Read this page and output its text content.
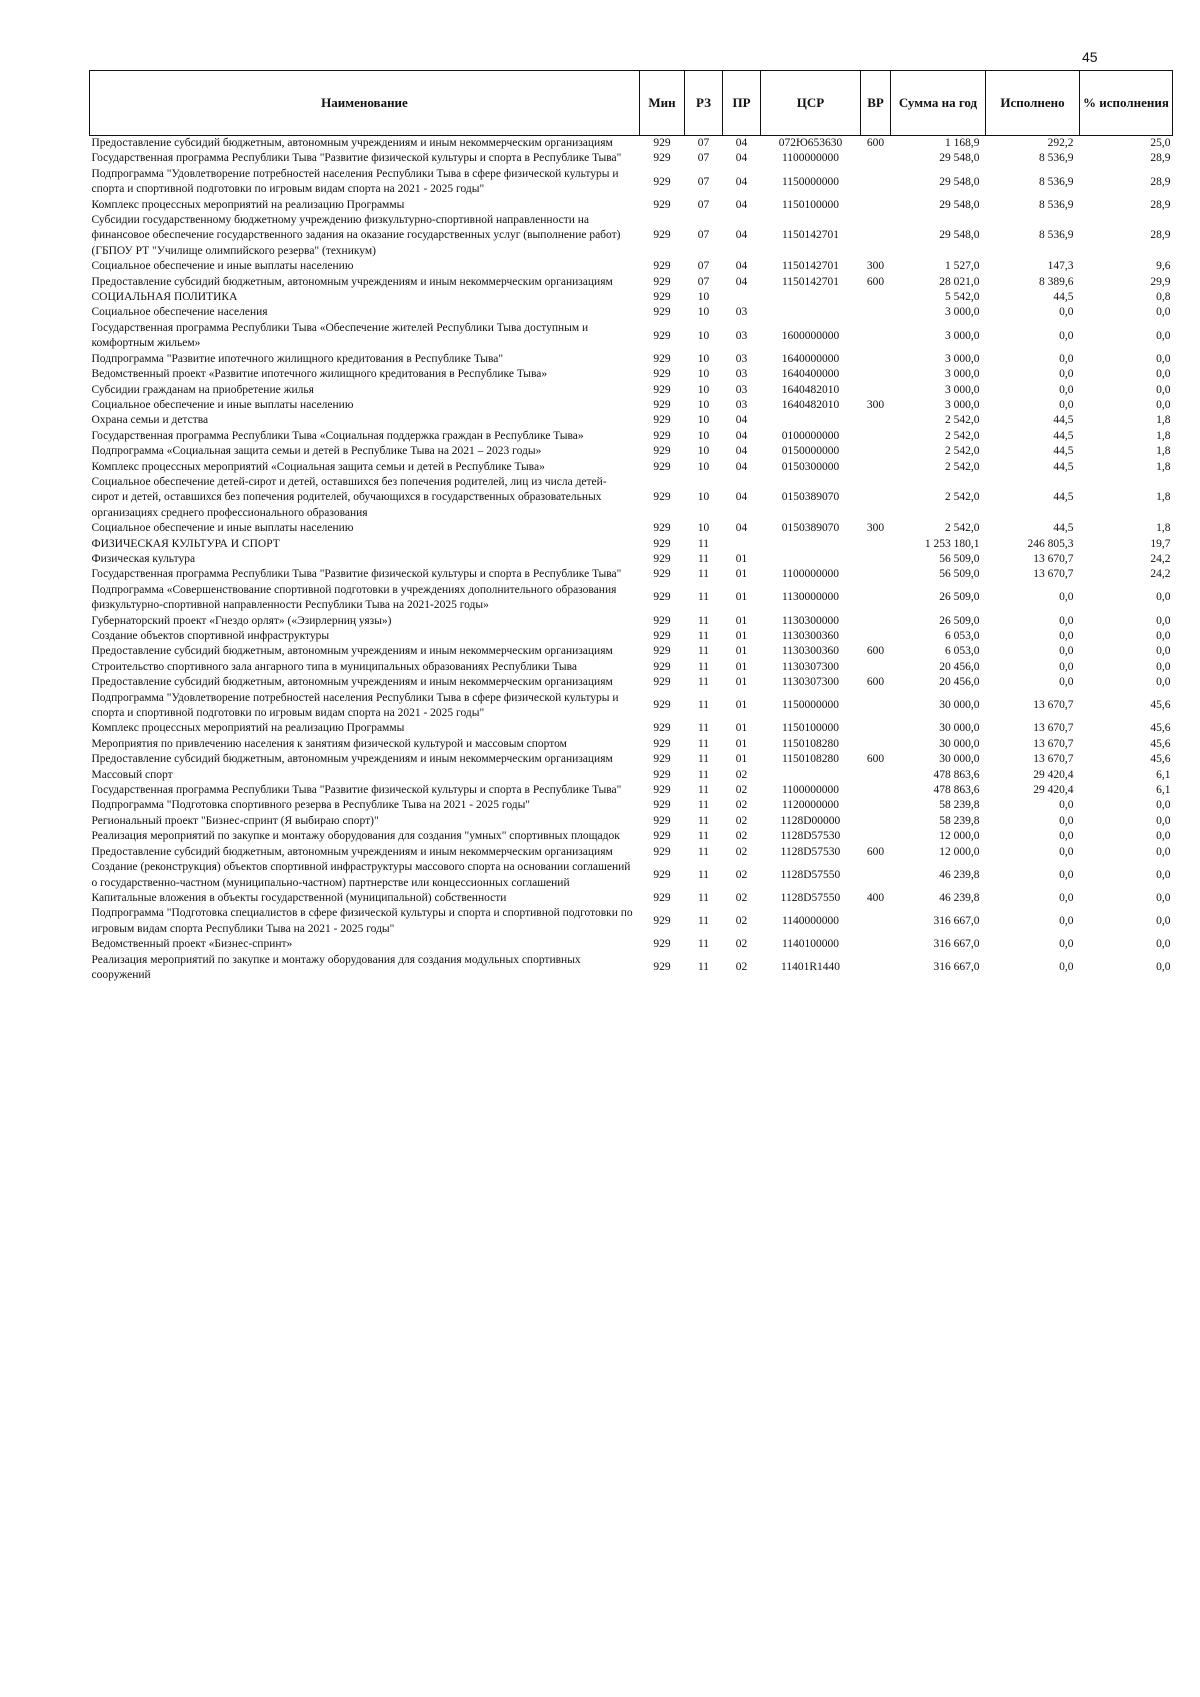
45
Наименование	Мин	РЗ	ПР	ЦСР	ВР	Сумма на год	Исполнено	% исполнения
Предоставление субсидий бюджетным, автономным учреждениям и иным некоммерческим организациям	929	07	04	072Ю653630	600	1 168,9	292,2	25,0
Государственная программа Республики Тыва "Развитие физической культуры и спорта в Республике Тыва"	929	07	04	1100000000		29 548,0	8 536,9	28,9
Подпрограмма "Удовлетворение потребностей населения Республики Тыва в сфере физической культуры и спорта и спортивной подготовки по игровым видам спорта на 2021 - 2025 годы"	929	07	04	1150000000		29 548,0	8 536,9	28,9
Комплекс процессных мероприятий на реализацию Программы	929	07	04	1150100000		29 548,0	8 536,9	28,9
Субсидии государственному бюджетному учреждению физкультурно-спортивной направленности на финансовое обеспечение государственного задания на оказание государственных услуг (выполнение работ) (ГБПОУ РТ "Училище олимпийского резерва" (техникум)	929	07	04	1150142701		29 548,0	8 536,9	28,9
Социальное обеспечение и иные выплаты населению	929	07	04	1150142701	300	1 527,0	147,3	9,6
Предоставление субсидий бюджетным, автономным учреждениям и иным некоммерческим организациям	929	07	04	1150142701	600	28 021,0	8 389,6	29,9
СОЦИАЛЬНАЯ ПОЛИТИКА	929	10				5 542,0	44,5	0,8
Социальное обеспечение населения	929	10	03			3 000,0	0,0	0,0
Государственная программа Республики Тыва «Обеспечение жителей Республики Тыва доступным и комфортным жильем»	929	10	03	1600000000		3 000,0	0,0	0,0
Подпрограмма "Развитие ипотечного жилищного кредитования в Республике Тыва"	929	10	03	1640000000		3 000,0	0,0	0,0
Ведомственный проект «Развитие ипотечного жилищного кредитования в Республике Тыва»	929	10	03	1640400000		3 000,0	0,0	0,0
Субсидии гражданам на приобретение жилья	929	10	03	1640482010		3 000,0	0,0	0,0
Социальное обеспечение и иные выплаты населению	929	10	03	1640482010	300	3 000,0	0,0	0,0
Охрана семьи и детства	929	10	04			2 542,0	44,5	1,8
Государственная программа Республики Тыва «Социальная поддержка граждан в Республике Тыва»	929	10	04	0100000000		2 542,0	44,5	1,8
Подпрограмма «Социальная защита семьи и детей в Республике Тыва на 2021 – 2023 годы»	929	10	04	0150000000		2 542,0	44,5	1,8
Комплекс процессных мероприятий «Социальная защита семьи и детей в Республике Тыва»	929	10	04	0150300000		2 542,0	44,5	1,8
Социальное обеспечение детей-сирот и детей, оставшихся без попечения родителей, лиц из числа детей-сирот и детей, оставшихся без попечения родителей, обучающихся в государственных образовательных организациях среднего профессионального образования	929	10	04	0150389070		2 542,0	44,5	1,8
Социальное обеспечение и иные выплаты населению	929	10	04	0150389070	300	2 542,0	44,5	1,8
ФИЗИЧЕСКАЯ КУЛЬТУРА И СПОРТ	929	11				1 253 180,1	246 805,3	19,7
Физическая культура	929	11	01			56 509,0	13 670,7	24,2
Государственная программа Республики Тыва "Развитие физической культуры и спорта в Республике Тыва"	929	11	01	1100000000		56 509,0	13 670,7	24,2
Подпрограмма «Совершенствование спортивной подготовки в учреждениях дополнительного образования физкультурно-спортивной направленности Республики Тыва на 2021-2025 годы»	929	11	01	1130000000		26 509,0	0,0	0,0
Губернаторский проект «Гнездо орлят» («Эзирлерниң уязы»)	929	11	01	1130300000		26 509,0	0,0	0,0
Создание объектов спортивной инфраструктуры	929	11	01	1130300360		6 053,0	0,0	0,0
Предоставление субсидий бюджетным, автономным учреждениям и иным некоммерческим организациям	929	11	01	1130300360	600	6 053,0	0,0	0,0
Строительство спортивного зала ангарного типа в муниципальных образованиях Республики Тыва	929	11	01	1130307300		20 456,0	0,0	0,0
Предоставление субсидий бюджетным, автономным учреждениям и иным некоммерческим организациям	929	11	01	1130307300	600	20 456,0	0,0	0,0
Подпрограмма "Удовлетворение потребностей населения Республики Тыва в сфере физической культуры и спорта и спортивной подготовки по игровым видам спорта на 2021 - 2025 годы"	929	11	01	1150000000		30 000,0	13 670,7	45,6
Комплекс процессных мероприятий на реализацию Программы	929	11	01	1150100000		30 000,0	13 670,7	45,6
Мероприятия по привлечению населения к занятиям физической культурой и массовым спортом	929	11	01	1150108280		30 000,0	13 670,7	45,6
Предоставление субсидий бюджетным, автономным учреждениям и иным некоммерческим организациям	929	11	01	1150108280	600	30 000,0	13 670,7	45,6
Массовый спорт	929	11	02			478 863,6	29 420,4	6,1
Государственная программа Республики Тыва "Развитие физической культуры и спорта в Республике Тыва"	929	11	02	1100000000		478 863,6	29 420,4	6,1
Подпрограмма "Подготовка спортивного резерва в Республике Тыва на 2021 - 2025 годы"	929	11	02	1120000000		58 239,8	0,0	0,0
Региональный проект "Бизнес-спринт (Я выбираю спорт)"	929	11	02	1128D00000		58 239,8	0,0	0,0
Реализация мероприятий по закупке и монтажу оборудования для создания "умных" спортивных площадок	929	11	02	1128D57530		12 000,0	0,0	0,0
Предоставление субсидий бюджетным, автономным учреждениям и иным некоммерческим организациям	929	11	02	1128D57530	600	12 000,0	0,0	0,0
Создание (реконструкция) объектов спортивной инфраструктуры массового спорта на основании соглашений о государственно-частном (муниципально-частном) партнерстве или концессионных соглашений	929	11	02	1128D57550		46 239,8	0,0	0,0
Капитальные вложения в объекты государственной (муниципальной) собственности	929	11	02	1128D57550	400	46 239,8	0,0	0,0
Подпрограмма "Подготовка специалистов в сфере физической культуры и спорта и спортивной подготовки по игровым видам спорта Республики Тыва на 2021 - 2025 годы"	929	11	02	1140000000		316 667,0	0,0	0,0
Ведомственный проект «Бизнес-спринт»	929	11	02	1140100000		316 667,0	0,0	0,0
Реализация мероприятий по закупке и монтажу оборудования для создания модульных спортивных сооружений	929	11	02	11401R1440		316 667,0	0,0	0,0
